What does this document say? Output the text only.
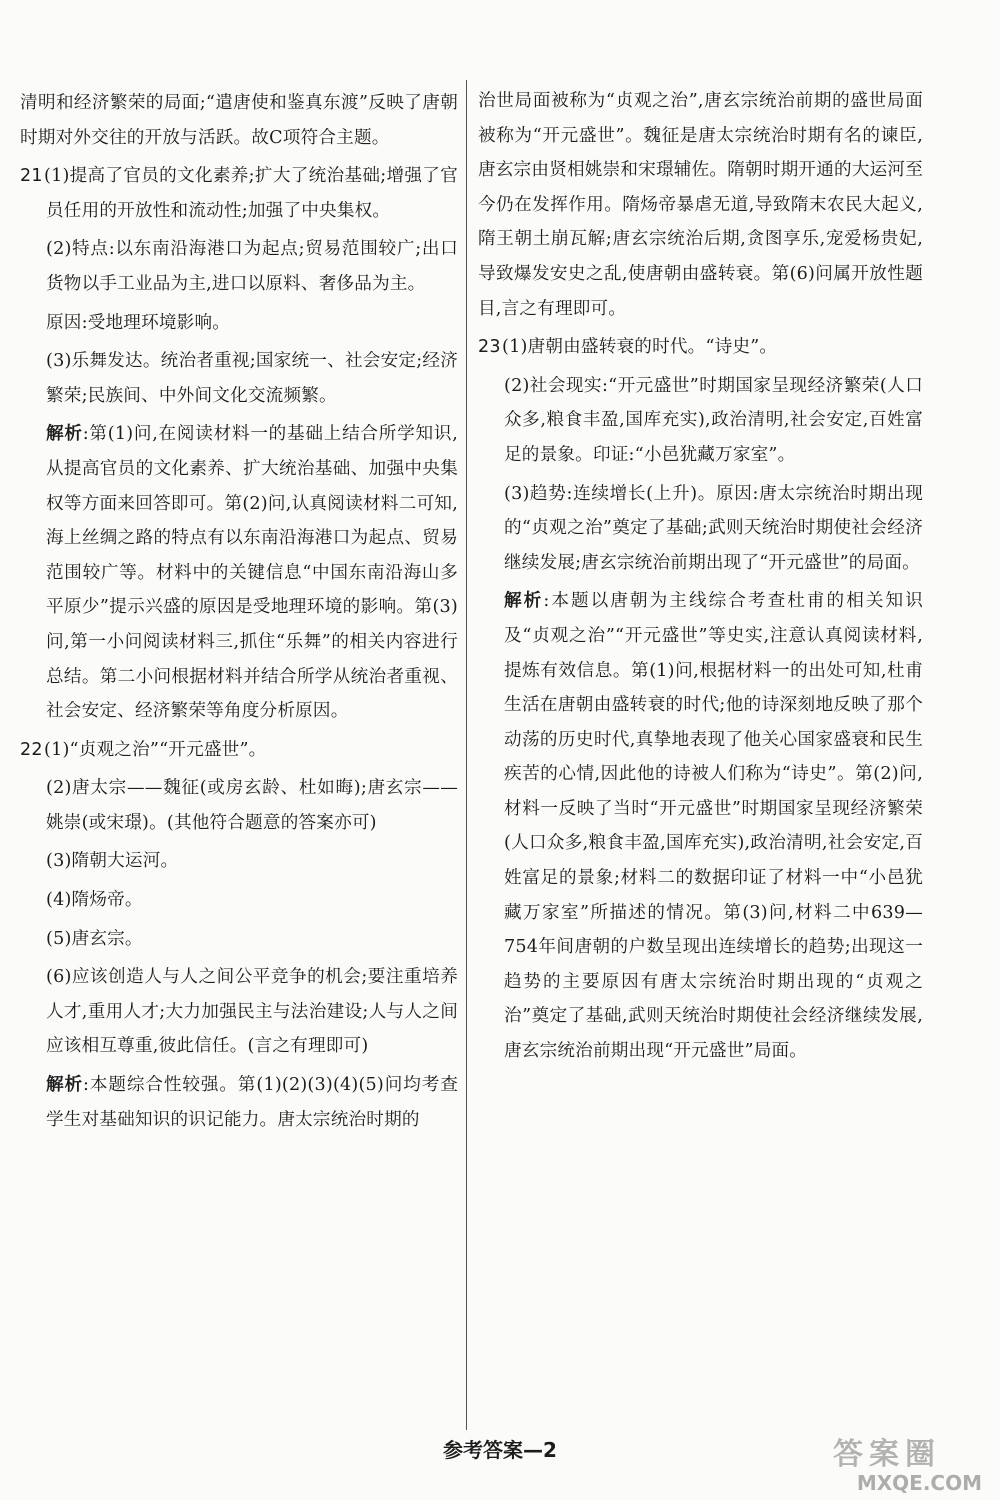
清明和经济繁荣的局面;“遣唐使和鉴真东渡”反映了唐朝时期对外交往的开放与活跃。故C项符合主题。

21(1)提高了官员的文化素养;扩大了统治基础;增强了官员任用的开放性和流动性;加强了中央集权。

(2)特点:以东南沿海港口为起点;贸易范围较广;出口货物以手工业品为主,进口以原料、奢侈品为主。

原因:受地理环境影响。

(3)乐舞发达。统治者重视;国家统一、社会安定;经济繁荣;民族间、中外间文化交流频繁。

解析:第(1)问,在阅读材料一的基础上结合所学知识,从提高官员的文化素养、扩大统治基础、加强中央集权等方面来回答即可。第(2)问,认真阅读材料二可知,海上丝绸之路的特点有以东南沿海港口为起点、贸易范围较广等。材料中的关键信息“中国东南沿海山多平原少”提示兴盛的原因是受地理环境的影响。第(3)问,第一小问阅读材料三,抓住“乐舞”的相关内容进行总结。第二小问根据材料并结合所学从统治者重视、社会安定、经济繁荣等角度分析原因。

22(1)“贞观之治”“开元盛世”。

(2)唐太宗——魏征(或房玄龄、杜如晦);唐玄宗——姚崇(或宋璟)。(其他符合题意的答案亦可)

(3)隋朝大运河。

(4)隋炀帝。

(5)唐玄宗。

(6)应该创造人与人之间公平竞争的机会;要注重培养人才,重用人才;大力加强民主与法治建设;人与人之间应该相互尊重,彼此信任。(言之有理即可)

解析:本题综合性较强。第(1)(2)(3)(4)(5)问均考查学生对基础知识的识记能力。唐太宗统治时期的

治世局面被称为“贞观之治”,唐玄宗统治前期的盛世局面被称为“开元盛世”。魏征是唐太宗统治时期有名的谏臣,唐玄宗由贤相姚崇和宋璟辅佐。隋朝时期开通的大运河至今仍在发挥作用。隋炀帝暴虐无道,导致隋末农民大起义,隋王朝土崩瓦解;唐玄宗统治后期,贪图享乐,宠爱杨贵妃,导致爆发安史之乱,使唐朝由盛转衰。第(6)问属开放性题目,言之有理即可。

23(1)唐朝由盛转衰的时代。“诗史”。

(2)社会现实:“开元盛世”时期国家呈现经济繁荣(人口众多,粮食丰盈,国库充实),政治清明,社会安定,百姓富足的景象。印证:“小邑犹藏万家室”。

(3)趋势:连续增长(上升)。原因:唐太宗统治时期出现的“贞观之治”奠定了基础;武则天统治时期使社会经济继续发展;唐玄宗统治前期出现了“开元盛世”的局面。

解析:本题以唐朝为主线综合考查杜甫的相关知识及“贞观之治”“开元盛世”等史实,注意认真阅读材料,提炼有效信息。第(1)问,根据材料一的出处可知,杜甫生活在唐朝由盛转衰的时代;他的诗深刻地反映了那个动荡的历史时代,真挚地表现了他关心国家盛衰和民生疾苦的心情,因此他的诗被人们称为“诗史”。第(2)问,材料一反映了当时“开元盛世”时期国家呈现经济繁荣(人口众多,粮食丰盈,国库充实),政治清明,社会安定,百姓富足的景象;材料二的数据印证了材料一中“小邑犹藏万家室”所描述的情况。第(3)问,材料二中639—754年间唐朝的户数呈现出连续增长的趋势;出现这一趋势的主要原因有唐太宗统治时期出现的“贞观之治”奠定了基础,武则天统治时期使社会经济继续发展,唐玄宗统治前期出现“开元盛世”局面。

参考答案—2	答案圈
MXQE.COM
